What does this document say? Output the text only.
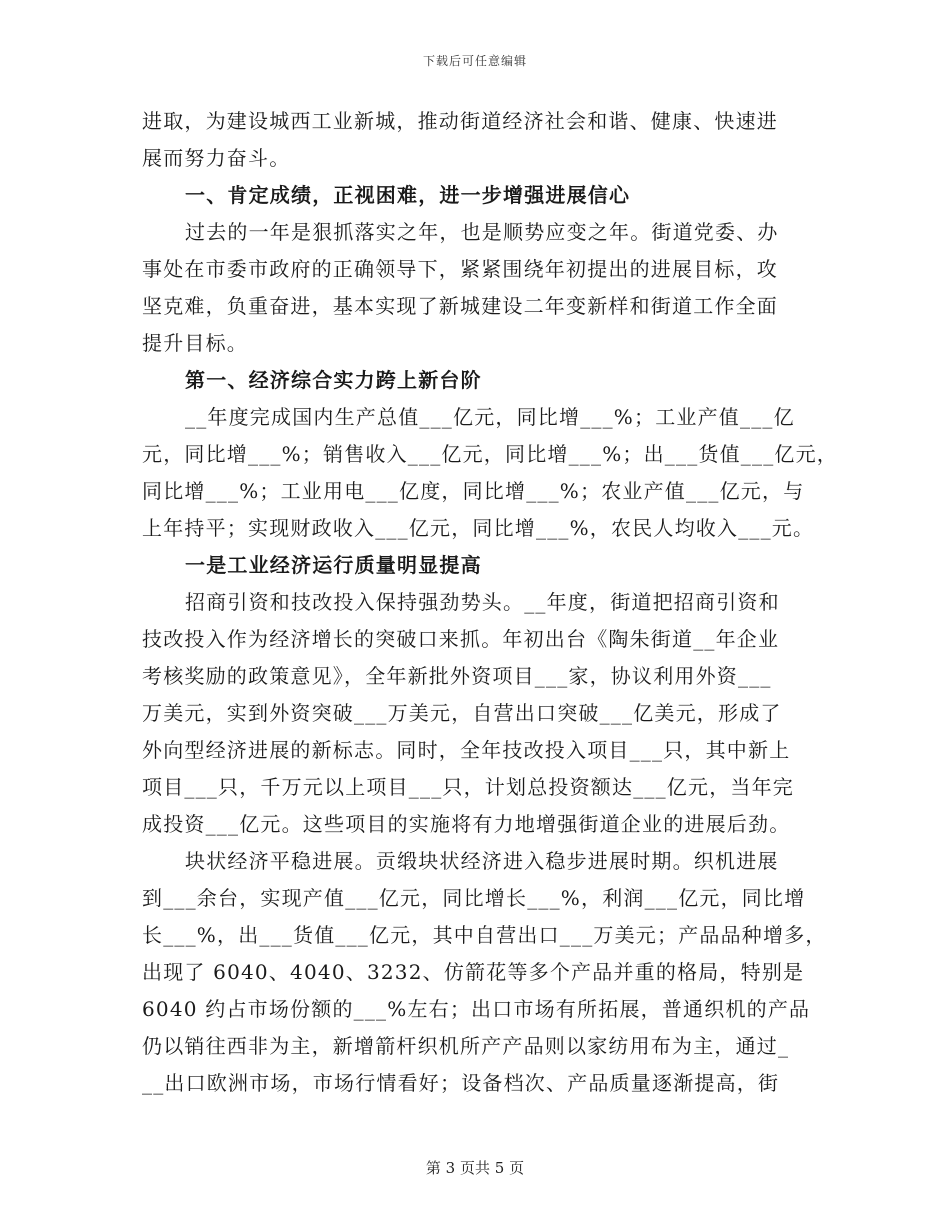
下载后可任意编辑
进取，为建设城西工业新城，推动街道经济社会和谐、健康、快速进
展而努力奋斗。
一、肯定成绩，正视困难，进一步增强进展信心
过去的一年是狠抓落实之年，也是顺势应变之年。街道党委、办
事处在市委市政府的正确领导下，紧紧围绕年初提出的进展目标，攻
坚克难，负重奋进，基本实现了新城建设二年变新样和街道工作全面
提升目标。
第一、经济综合实力跨上新台阶
__年度完成国内生产总值___亿元，同比增___%；工业产值___亿
元，同比增___%；销售收入___亿元，同比增___%；出___货值___亿元，
同比增___%；工业用电___亿度，同比增___%；农业产值___亿元，与
上年持平；实现财政收入___亿元，同比增___%，农民人均收入___元。
一是工业经济运行质量明显提高
招商引资和技改投入保持强劲势头。__年度，街道把招商引资和
技改投入作为经济增长的突破口来抓。年初出台《陶朱街道__年企业
考核奖励的政策意见》，全年新批外资项目___家，协议利用外资___
万美元，实到外资突破___万美元，自营出口突破___亿美元，形成了
外向型经济进展的新标志。同时，全年技改投入项目___只，其中新上
项目___只，千万元以上项目___只，计划总投资额达___亿元，当年完
成投资___亿元。这些项目的实施将有力地增强街道企业的进展后劲。
块状经济平稳进展。贡缎块状经济进入稳步进展时期。织机进展
到___余台，实现产值___亿元，同比增长___%，利润___亿元，同比增
长___%，出___货值___亿元，其中自营出口___万美元；产品品种增多，
出现了 6040、4040、3232、仿箭花等多个产品并重的格局，特别是
6040 约占市场份额的___%左右；出口市场有所拓展，普通织机的产品
仍以销往西非为主，新增箭杆织机所产产品则以家纺用布为主，通过_
__出口欧洲市场，市场行情看好；设备档次、产品质量逐渐提高，街
第 3 页共 5 页
